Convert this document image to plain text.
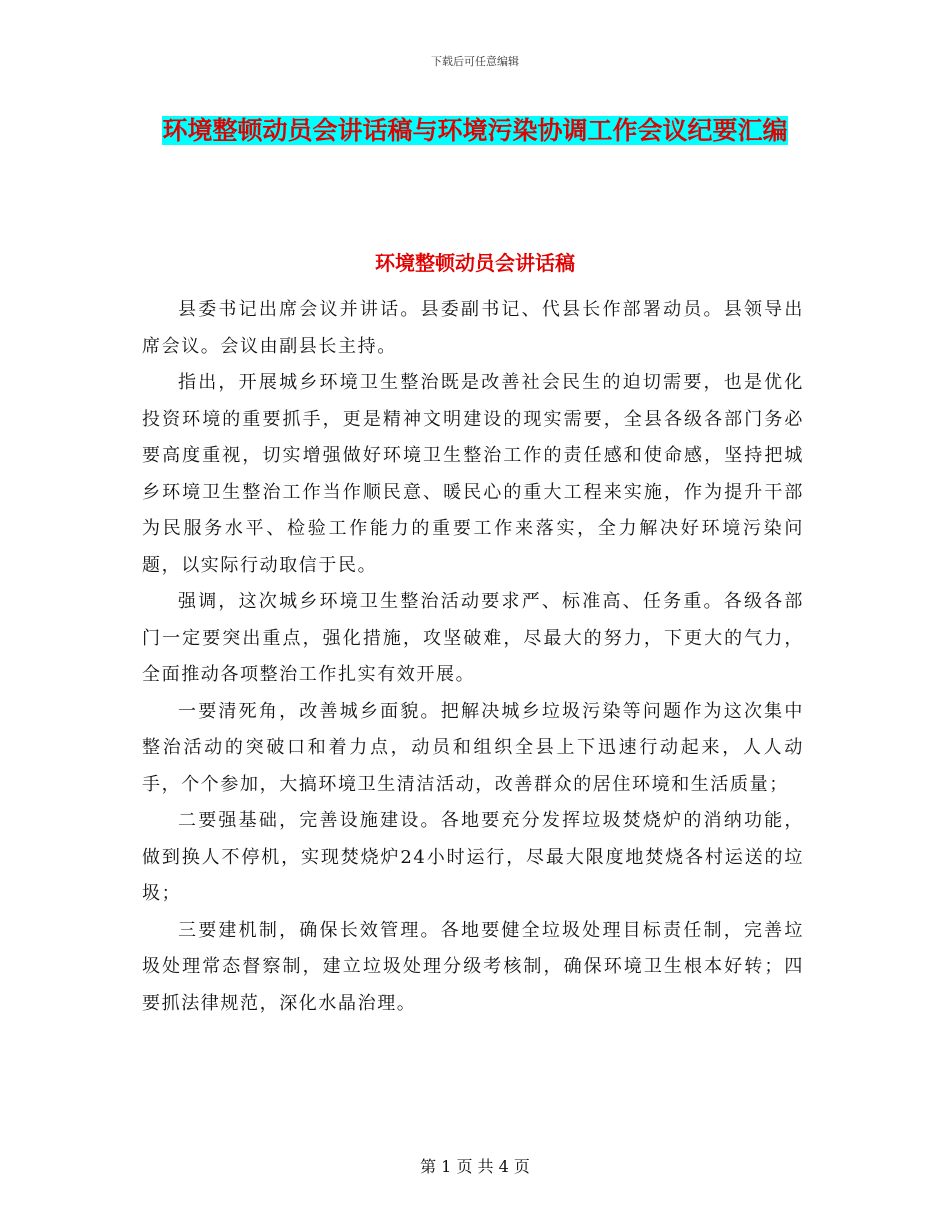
下载后可任意编辑
环境整顿动员会讲话稿与环境污染协调工作会议纪要汇编
环境整顿动员会讲话稿

县委书记出席会议并讲话。县委副书记、代县长作部署动员。县领导出席会议。会议由副县长主持。

指出，开展城乡环境卫生整治既是改善社会民生的迫切需要，也是优化投资环境的重要抓手，更是精神文明建设的现实需要，全县各级各部门务必要高度重视，切实增强做好环境卫生整治工作的责任感和使命感，坚持把城乡环境卫生整治工作当作顺民意、暖民心的重大工程来实施，作为提升干部为民服务水平、检验工作能力的重要工作来落实，全力解决好环境污染问题，以实际行动取信于民。

强调，这次城乡环境卫生整治活动要求严、标准高、任务重。各级各部门一定要突出重点，强化措施，攻坚破难，尽最大的努力，下更大的气力，全面推动各项整治工作扎实有效开展。

一要清死角，改善城乡面貌。把解决城乡垃圾污染等问题作为这次集中整治活动的突破口和着力点，动员和组织全县上下迅速行动起来，人人动手，个个参加，大搞环境卫生清洁活动，改善群众的居住环境和生活质量；

二要强基础，完善设施建设。各地要充分发挥垃圾焚烧炉的消纳功能，做到换人不停机，实现焚烧炉24小时运行，尽最大限度地焚烧各村运送的垃圾；

三要建机制，确保长效管理。各地要健全垃圾处理目标责任制，完善垃圾处理常态督察制，建立垃圾处理分级考核制，确保环境卫生根本好转；四要抓法律规范，深化水晶治理。

第 1 页 共 4 页
